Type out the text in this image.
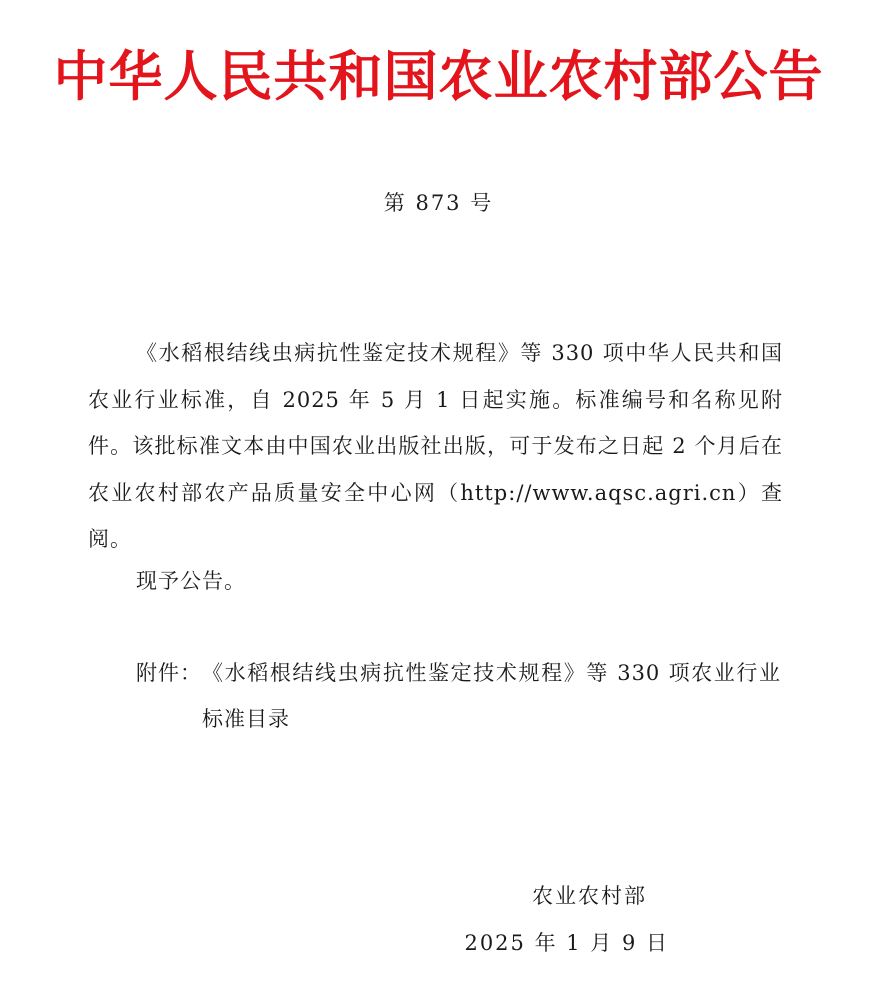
中华人民共和国农业农村部公告
第 873 号

《水稻根结线虫病抗性鉴定技术规程》等 330 项中华人民共和国农业行业标准，自 2025 年 5 月 1 日起实施。标准编号和名称见附件。该批标准文本由中国农业出版社出版，可于发布之日起 2 个月后在农业农村部农产品质量安全中心网（http://www.aqsc.agri.cn）查阅。

现予公告。
附件： 《水稻根结线虫病抗性鉴定技术规程》等 330 项农业行业标准目录
农业农村部
2025 年 1 月 9 日
